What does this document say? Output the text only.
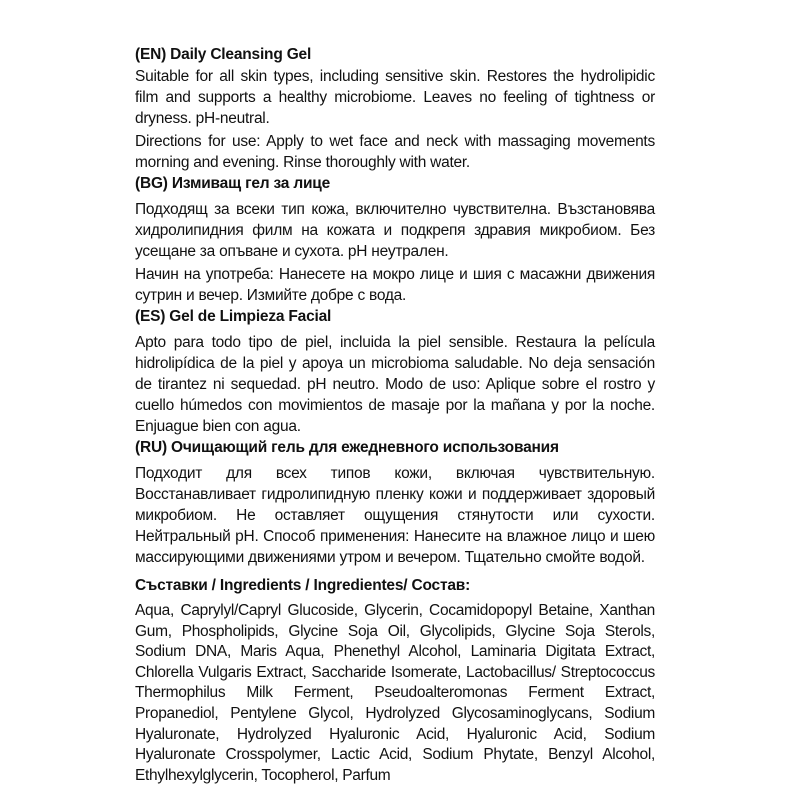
(EN) Daily Cleansing Gel

Suitable for all skin types, including sensitive skin. Restores the hydrolipidic film and supports a healthy microbiome. Leaves no feeling of tightness or dryness. pH-neutral.

Directions for use: Apply to wet face and neck with massaging movements morning and evening. Rinse thoroughly with water.

(BG) Измиващ гел за лице

Подходящ за всеки тип кожа, включително чувствителна. Възстановява хидролипидния филм на кожата и подкрепя здравия микробиом. Без усещане за опъване и сухота. pH неутрален.

Начин на употреба: Нанесете на мокро лице и шия с масажни движения сутрин и вечер. Измийте добре с вода.

(ES) Gel de Limpieza Facial

Apto para todo tipo de piel, incluida la piel sensible. Restaura la película hidrolipídica de la piel y apoya un microbioma saludable. No deja sensación de tirantez ni sequedad. pH neutro. Modo de uso: Aplique sobre el rostro y cuello húmedos con movimientos de masaje por la mañana y por la noche. Enjuague bien con agua.

(RU) Очищающий гель для ежедневного использования

Подходит для всех типов кожи, включая чувствительную. Восстанавливает гидролипидную пленку кожи и поддерживает здоровый микробиом. Не оставляет ощущения стянутости или сухости. Нейтральный pH. Способ применения: Нанесите на влажное лицо и шею массирующими движениями утром и вечером. Тщательно смойте водой.

Съставки / Ingredients / Ingredientes/ Состав:

Aqua, Caprylyl/Capryl Glucoside, Glycerin, Cocamidopopyl Betaine, Xanthan Gum, Phospholipids, Glycine Soja Oil, Glycolipids, Glycine Soja Sterols, Sodium DNA, Maris Aqua, Phenethyl Alcohol, Laminaria Digitata Extract, Chlorella Vulgaris Extract, Saccharide Isomerate, Lactobacillus/ Streptococcus Thermophilus Milk Ferment, Pseudoalteromonas Ferment Extract, Propanediol, Pentylene Glycol, Hydrolyzed Glycosaminoglycans, Sodium Hyaluronate, Hydrolyzed Hyaluronic Acid, Hyaluronic Acid, Sodium Hyaluronate Crosspolymer, Lactic Acid, Sodium Phytate, Benzyl Alcohol, Ethylhexylglycerin, Tocopherol, Parfum
